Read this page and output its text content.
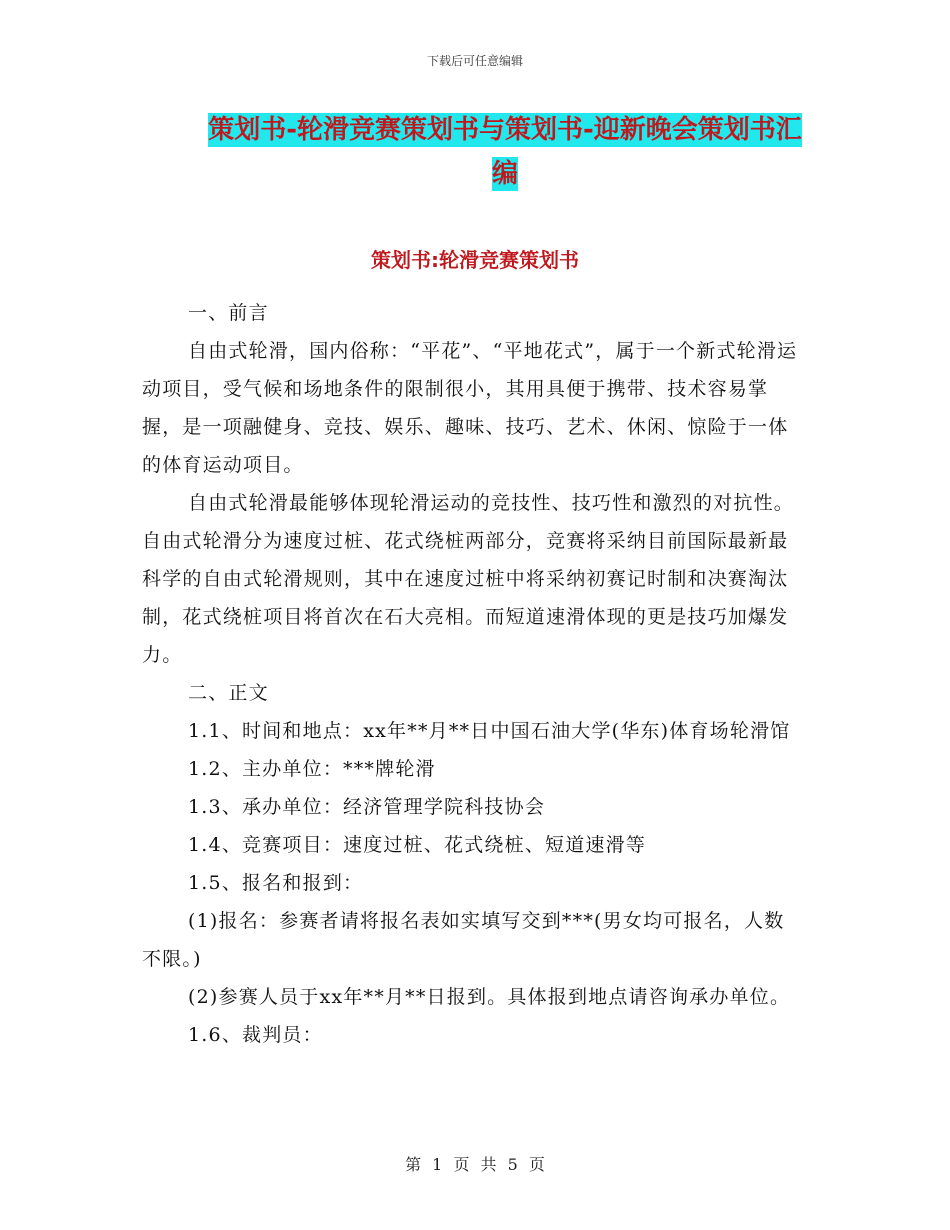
下载后可任意编辑
策划书-轮滑竞赛策划书与策划书-迎新晚会策划书汇
编
策划书:轮滑竞赛策划书

一、前言

自由式轮滑，国内俗称：“平花”、“平地花式”，属于一个新式轮滑运动项目，受气候和场地条件的限制很小，其用具便于携带、技术容易掌握，是一项融健身、竞技、娱乐、趣味、技巧、艺术、休闲、惊险于一体的体育运动项目。

自由式轮滑最能够体现轮滑运动的竞技性、技巧性和激烈的对抗性。自由式轮滑分为速度过桩、花式绕桩两部分，竞赛将采纳目前国际最新最科学的自由式轮滑规则，其中在速度过桩中将采纳初赛记时制和决赛淘汰制，花式绕桩项目将首次在石大亮相。而短道速滑体现的更是技巧加爆发力。

二、正文

1.1、时间和地点：xx年**月**日中国石油大学(华东)体育场轮滑馆

1.2、主办单位：***牌轮滑

1.3、承办单位：经济管理学院科技协会

1.4、竞赛项目：速度过桩、花式绕桩、短道速滑等

1.5、报名和报到：

(1)报名：参赛者请将报名表如实填写交到***(男女均可报名，人数不限。)

(2)参赛人员于xx年**月**日报到。具体报到地点请咨询承办单位。

1.6、裁判员：

第 1 页 共 5 页
